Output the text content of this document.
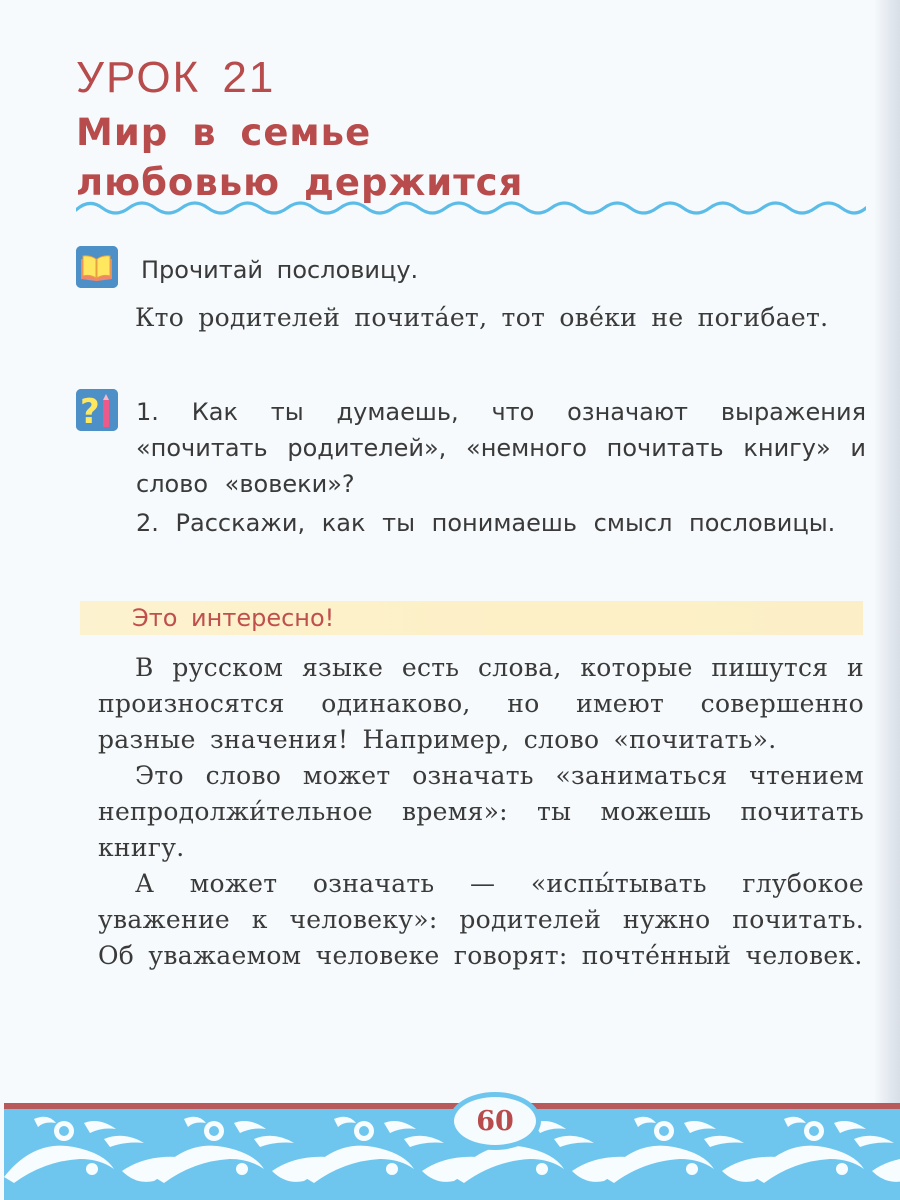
УРОК 21
Мир в семье
любовью держится
Прочитай пословицу.
Кто родителей почита́ет, тот ове́ки не погибает.
? 1. Как ты думаешь, что означают выражения «почитать родителей», «немного почитать книгу» и слово «вовеки»?

2. Расскажи, как ты понимаешь смысл пословицы.

Это интересно!

В русском языке есть слова, которые пишутся и произносятся одинаково, но имеют совершенно разные значения! Например, слово «почитать».

Это слово может означать «заниматься чтением непродолжи́тельное время»: ты можешь почитать книгу.

А может означать — «испы́тывать глубокое уважение к человеку»: родителей нужно почитать. Об уважаемом человеке говорят: почте́нный человек.

60
